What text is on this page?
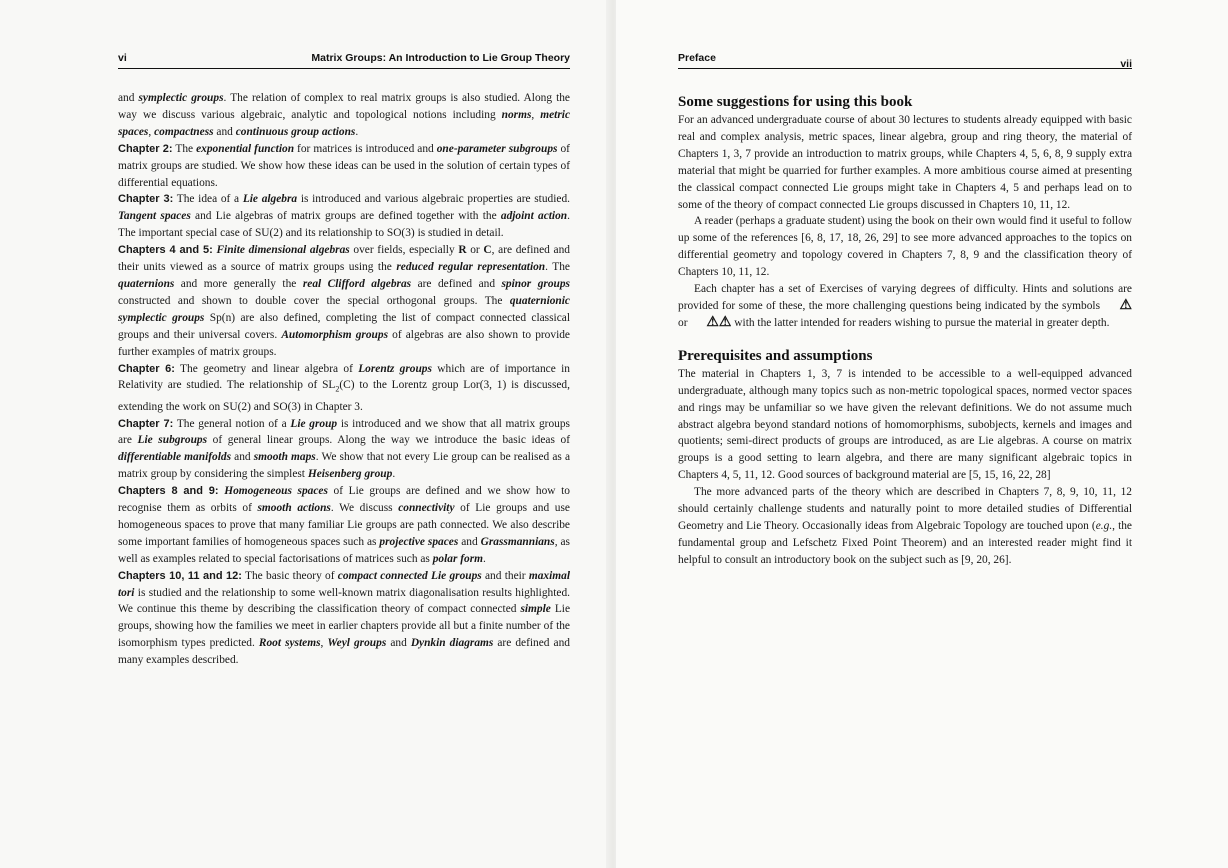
vi	Matrix Groups: An Introduction to Lie Group Theory

and symplectic groups. The relation of complex to real matrix groups is also studied. Along the way we discuss various algebraic, analytic and topological notions including norms, metric spaces, compactness and continuous group actions.

Chapter 2: The exponential function for matrices is introduced and one-parameter subgroups of matrix groups are studied. We show how these ideas can be used in the solution of certain types of differential equations.
Chapter 3: The idea of a Lie algebra is introduced and various algebraic properties are studied. Tangent spaces and Lie algebras of matrix groups are defined together with the adjoint action. The important special case of SU(2) and its relationship to SO(3) is studied in detail.
Chapters 4 and 5: Finite dimensional algebras over fields, especially R or C, are defined and their units viewed as a source of matrix groups using the reduced regular representation. The quaternions and more generally the real Clifford algebras are defined and spinor groups constructed and shown to double cover the special orthogonal groups. The quaternionic symplectic groups Sp(n) are also defined, completing the list of compact connected classical groups and their universal covers. Automorphism groups of algebras are also shown to provide further examples of matrix groups.
Chapter 6: The geometry and linear algebra of Lorentz groups which are of importance in Relativity are studied. The relationship of $SL_2(C)$ to the Lorentz group Lor(3, 1) is discussed, extending the work on SU(2) and SO(3) in Chapter 3.
Chapter 7: The general notion of a Lie group is introduced and we show that all matrix groups are Lie subgroups of general linear groups. Along the way we introduce the basic ideas of differentiable manifolds and smooth maps. We show that not every Lie group can be realised as a matrix group by considering the simplest Heisenberg group.
Chapters 8 and 9: Homogeneous spaces of Lie groups are defined and we show how to recognise them as orbits of smooth actions. We discuss connectivity of Lie groups and use homogeneous spaces to prove that many familiar Lie groups are path connected. We also describe some important families of homogeneous spaces such as projective spaces and Grassmannians, as well as examples related to special factorisations of matrices such as polar form.
Chapters 10, 11 and 12: The basic theory of compact connected Lie groups and their maximal tori is studied and the relationship to some well-known matrix diagonalisation results highlighted. We continue this theme by describing the classification theory of compact connected simple Lie groups, showing how the families we meet in earlier chapters provide all but a finite number of the isomorphism types predicted. Root systems, Weyl groups and Dynkin diagrams are defined and many examples described.
Preface	vii
Some suggestions for using this book

For an advanced undergraduate course of about 30 lectures to students already equipped with basic real and complex analysis, metric spaces, linear algebra, group and ring theory, the material of Chapters 1, 3, 7 provide an introduction to matrix groups, while Chapters 4, 5, 6, 8, 9 supply extra material that might be quarried for further examples. A more ambitious course aimed at presenting the classical compact connected Lie groups might take in Chapters 4, 5 and perhaps lead on to some of the theory of compact connected Lie groups discussed in Chapters 10, 11, 12.

A reader (perhaps a graduate student) using the book on their own would find it useful to follow up some of the references [6, 8, 17, 18, 26, 29] to see more advanced approaches to the topics on differential geometry and topology covered in Chapters 7, 8, 9 and the classification theory of Chapters 10, 11, 12.

Each chapter has a set of Exercises of varying degrees of difficulty. Hints and solutions are provided for some of these, the more challenging questions being indicated by the symbols ⚠ or ⚠⚠ with the latter intended for readers wishing to pursue the material in greater depth.

Prerequisites and assumptions

The material in Chapters 1, 3, 7 is intended to be accessible to a well-equipped advanced undergraduate, although many topics such as non-metric topological spaces, normed vector spaces and rings may be unfamiliar so we have given the relevant definitions. We do not assume much abstract algebra beyond standard notions of homomorphisms, subobjects, kernels and images and quotients; semi-direct products of groups are introduced, as are Lie algebras. A course on matrix groups is a good setting to learn algebra, and there are many significant algebraic topics in Chapters 4, 5, 11, 12. Good sources of background material are [5, 15, 16, 22, 28]

The more advanced parts of the theory which are described in Chapters 7, 8, 9, 10, 11, 12 should certainly challenge students and naturally point to more detailed studies of Differential Geometry and Lie Theory. Occasionally ideas from Algebraic Topology are touched upon (e.g., the fundamental group and Lefschetz Fixed Point Theorem) and an interested reader might find it helpful to consult an introductory book on the subject such as [9, 20, 26].
